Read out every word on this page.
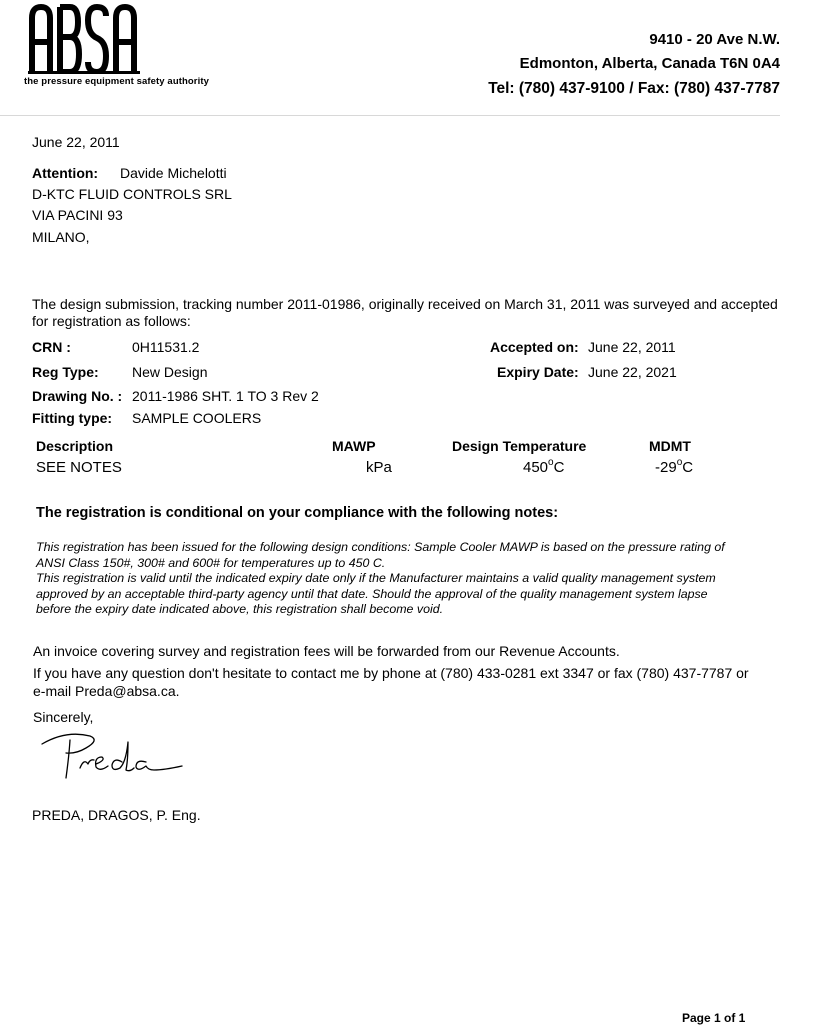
the pressure equipment safety authority
9410 - 20 Ave N.W.
Edmonton, Alberta, Canada T6N 0A4
Tel: (780) 437-9100 / Fax: (780) 437-7787
June 22, 2011
Attention: Davide Michelotti
D-KTC FLUID CONTROLS SRL
VIA PACINI 93
MILANO,
The design submission, tracking number 2011-01986, originally received on March 31, 2011 was surveyed and accepted for registration as follows:
CRN :	0H11531.2	Accepted on: June 22, 2011
Reg Type: New Design	Expiry Date: June 22, 2021
Drawing No. : 2011-1986 SHT. 1 TO 3 Rev 2
Fitting type: SAMPLE COOLERS
Description	MAWP	Design Temperature	MDMT
SEE NOTES	kPa	450$^o$C	-29$^o$C
The registration is conditional on your compliance with the following notes:

This registration has been issued for the following design conditions: Sample Cooler MAWP is based on the pressure rating of ANSI Class 150#, 300# and 600# for temperatures up to 450 C.

This registration is valid until the indicated expiry date only if the Manufacturer maintains a valid quality management system approved by an acceptable third-party agency until that date. Should the approval of the quality management system lapse before the expiry date indicated above, this registration shall become void.

An invoice covering survey and registration fees will be forwarded from our Revenue Accounts.
If you have any question don't hesitate to contact me by phone at (780) 433-0281 ext 3347 or fax (780) 437-7787 or e-mail Preda@absa.ca.
Sincerely,
PREDA, DRAGOS, P. Eng.
Page 1 of 1
